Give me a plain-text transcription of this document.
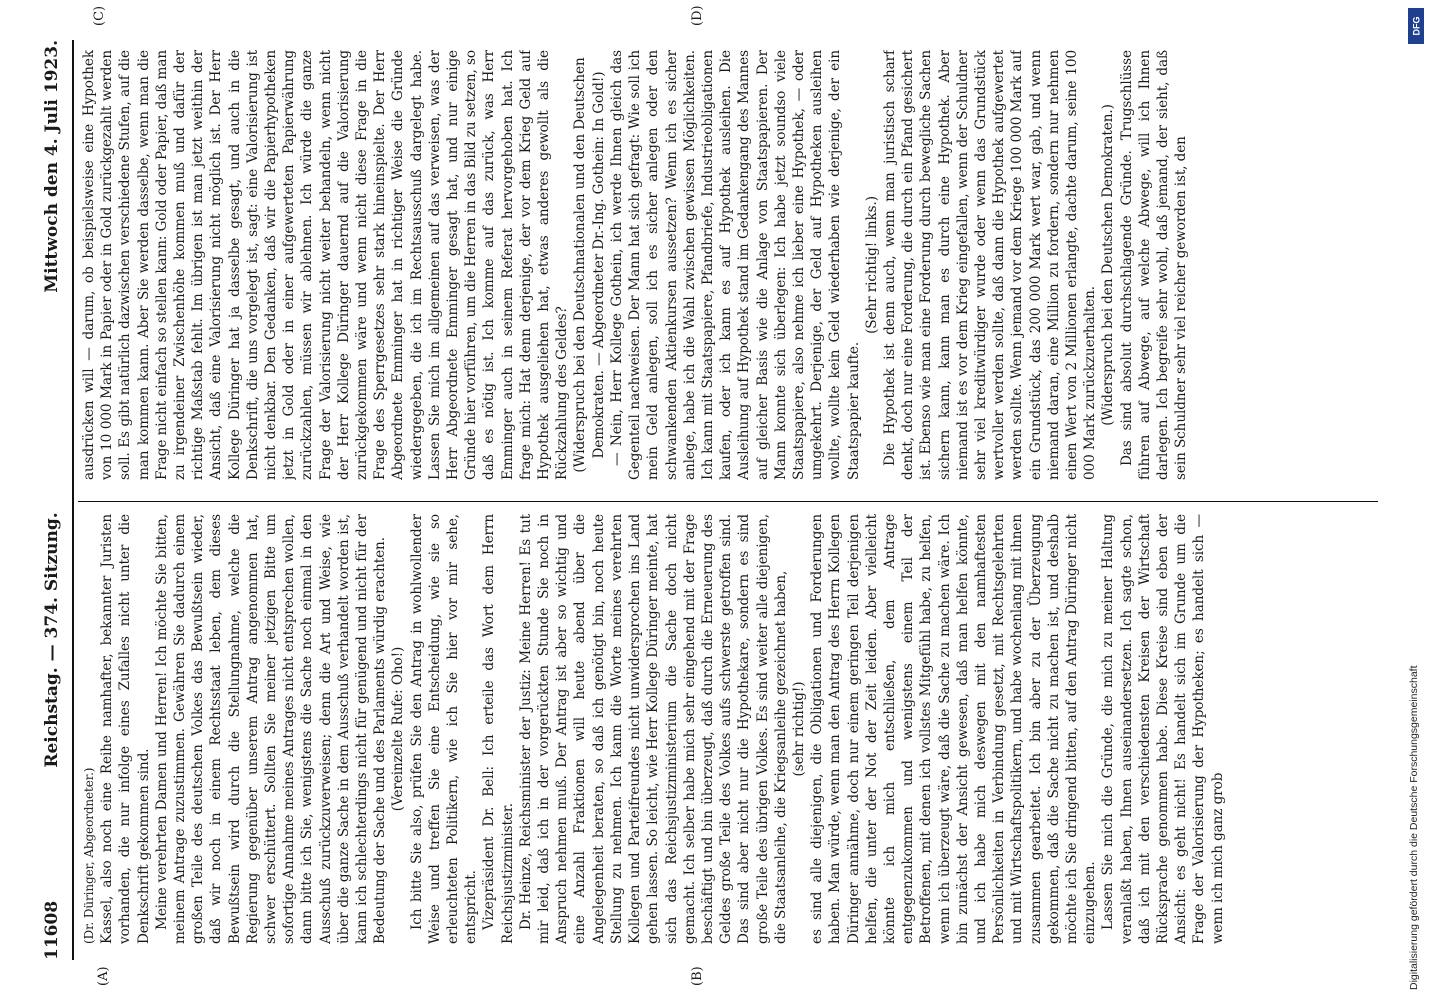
11608
Reichstag. — 374. Sitzung.
Mittwoch den 4. Juli 1923.
(A)	(B)
(C)	(D)

(Dr. Düringer, Abgeordneter.) Kassel, also noch eine Reihe namhafter, bekannter Juristen vorhanden, die nur infolge eines Zufalles nicht unter die Denkschrift gekommen sind. Meine verehrten Damen und Herren! Ich möchte Sie bitten, meinem Antrage zuzustimmen. Gewähren Sie dadurch einem großen Teile des deutschen Volkes das Bewußtsein wieder, daß wir noch in einem Rechtsstaat leben, dem dieses Bewußtsein wird durch die Stellungnahme, welche die Regierung gegenüber unserem Antrag angenommen hat, schwer erschüttert. Sollten Sie meiner jetzigen Bitte um sofortige Annahme meines Antrages nicht entsprechen wollen, dann bitte ich Sie, wenigstens die Sache noch einmal in den Ausschuß zurückzuverweisen; denn die Art und Weise, wie über die ganze Sache in dem Ausschuß verhandelt worden ist, kann ich schlechterdings nicht für genügend und nicht für der Bedeutung der Sache und des Parlaments würdig erachten. (Vereinzelte Rufe: Oho!) Ich bitte Sie also, prüfen Sie den Antrag in wohlwollender Weise und treffen Sie eine Entscheidung, wie sie so erleuchteten Politikern, wie ich Sie hier vor mir sehe, entspricht. Vizepräsident Dr. Bell: Ich erteile das Wort dem Herrn Reichsjustizminister. Dr. Heinze, Reichsminister der Justiz: Meine Herren! Es tut mir leid, daß ich in der vorgerückten Stunde Sie noch in Anspruch nehmen muß. Der Antrag ist aber so wichtig und eine Anzahl Fraktionen will heute abend über die Angelegenheit beraten, so daß ich genötigt bin, noch heute Stellung zu nehmen. Ich kann die Worte meines verehrten Kollegen und Parteifreundes nicht unwidersprochen ins Land gehen lassen. So leicht, wie Herr Kollege Düringer meinte, hat sich das Reichsjustizministerium die Sache doch nicht gemacht. Ich selber habe mich sehr eingehend mit der Frage beschäftigt und bin überzeugt, daß durch die Erneuerung des Geldes große Teile des Volkes aufs schwerste getroffen sind. Das sind aber nicht nur die Hypothekare, sondern es sind große Teile des übrigen Volkes. Es sind weiter alle diejenigen, die Staatsanleihe, die Kriegsanleihe gezeichnet haben, (sehr richtig!) es sind alle diejenigen, die Obligationen und Forderungen haben. Man würde, wenn man den Antrag des Herrn Kollegen Düringer annähme, doch nur einem geringen Teil derjenigen helfen, die unter der Not der Zeit leiden. Aber vielleicht könnte ich mich entschließen, dem Antrage entgegenzukommen und wenigstens einem Teil der Betroffenen, mit denen ich vollstes Mitgefühl habe, zu helfen, wenn ich überzeugt wäre, daß die Sache zu machen wäre. Ich bin zunächst der Ansicht gewesen, daß man helfen könnte, und ich habe mich deswegen mit den namhaftesten Persönlichkeiten in Verbindung gesetzt, mit Rechtsgelehrten und mit Wirtschaftspolitikern, und habe wochenlang mit ihnen zusammen gearbeitet. Ich bin aber zu der Überzeugung gekommen, daß die Sache nicht zu machen ist, und deshalb möchte ich Sie dringend bitten, auf den Antrag Düringer nicht einzugehen. Lassen Sie mich die Gründe, die mich zu meiner Haltung veranlaßt haben, Ihnen auseinandersetzen. Ich sagte schon, daß ich mit den verschiedensten Kreisen der Wirtschaft Rücksprache genommen habe. Diese Kreise sind eben der Ansicht: es geht nicht! Es handelt sich im Grunde um die Frage der Valorisierung der Hypotheken; es handelt sich — wenn ich mich ganz grob

ausdrücken will — darum, ob beispielsweise eine Hypothek von 10 000 Mark in Papier oder in Gold zurückgezahlt werden soll. Es gibt natürlich dazwischen verschiedene Stufen, auf die man kommen kann. Aber Sie werden dasselbe, wenn man die Frage nicht einfach so stellen kann: Gold oder Papier, daß man zu irgendeiner Zwischenhöhe kommen muß und dafür der richtige Maßstab fehlt. Im übrigen ist man jetzt weithin der Ansicht, daß eine Valorisierung nicht möglich ist. Der Herr Kollege Düringer hat ja dasselbe gesagt, und auch in die Denkschrift, die uns vorgelegt ist, sagt: eine Valorisierung ist nicht denkbar. Den Gedanken, daß wir die Papierhypotheken jetzt in Gold oder in einer aufgewerteten Papierwährung zurückzahlen, müssen wir ablehnen. Ich würde die ganze Frage der Valorisierung nicht weiter behandeln, wenn nicht der Herr Kollege Düringer dauernd auf die Valorisierung zurückgekommen wäre und wenn nicht diese Frage in die Frage des Sperrgesetzes sehr stark hineinspielte. Der Herr Abgeordnete Emminger hat in richtiger Weise die Gründe wiedergegeben, die ich im Rechtsausschuß dargelegt habe. Lassen Sie mich im allgemeinen auf das verweisen, was der Herr Abgeordnete Emminger gesagt hat, und nur einige Gründe hier vorführen, um die Herren in das Bild zu setzen, so daß es nötig ist. Ich komme auf das zurück, was Herr Emminger auch in seinem Referat hervorgehoben hat. Ich frage mich: Hat denn derjenige, der vor dem Krieg Geld auf Hypothek ausgeliehen hat, etwas anderes gewollt als die Rückzahlung des Geldes? (Widerspruch bei den Deutschnationalen und den Deutschen Demokraten. — Abgeordneter Dr.-Ing. Gothein: In Gold!) — Nein, Herr Kollege Gothein, ich werde Ihnen gleich das Gegenteil nachweisen. Der Mann hat sich gefragt: Wie soll ich mein Geld anlegen, soll ich es sicher anlegen oder den schwankenden Aktienkursen aussetzen? Wenn ich es sicher anlege, habe ich die Wahl zwischen gewissen Möglichkeiten. Ich kann mit Staatspapiere, Pfandbriefe, Industrieobligationen kaufen, oder ich kann es auf Hypothek ausleihen. Die Ausleihung auf Hypothek stand im Gedankengang des Mannes auf gleicher Basis wie die Anlage von Staatspapieren. Der Mann konnte sich überlegen: Ich habe jetzt soundso viele Staatspapiere, also nehme ich lieber eine Hypothek, — oder umgekehrt. Derjenige, der Geld auf Hypotheken ausleihen wollte, wollte kein Geld wiederhaben wie derjenige, der ein Staatspapier kaufte.

(Sehr richtig! links.) Die Hypothek ist denn auch, wenn man juristisch scharf denkt, doch nur eine Forderung, die durch ein Pfand gesichert ist. Ebenso wie man eine Forderung durch bewegliche Sachen sichern kann, kann man es durch eine Hypothek. Aber niemand ist es vor dem Krieg eingefallen, wenn der Schuldner sehr viel kreditwürdiger wurde oder wenn das Grundstück wertvoller werden sollte, daß dann die Hypothek aufgewertet werden sollte. Wenn jemand vor dem Kriege 100 000 Mark auf ein Grundstück, das 200 000 Mark wert war, gab, und wenn niemand daran, eine Million zu fordern, sondern nur nehmen einen Wert von 2 Millionen erlangte, dachte darum, seine 100 000 Mark zurückzuerhalten. (Widerspruch bei den Deutschen Demokraten.) Das sind absolut durchschlagende Gründe. Trugschlüsse führen auf Abwege, auf welche Abwege, will ich Ihnen darlegen. Ich begreife sehr wohl, daß jemand, der sieht, daß sein Schuldner sehr viel reicher geworden ist, den

DFG
Digitalisierung gefördert durch die Deutsche Forschungsgemeinschaft
